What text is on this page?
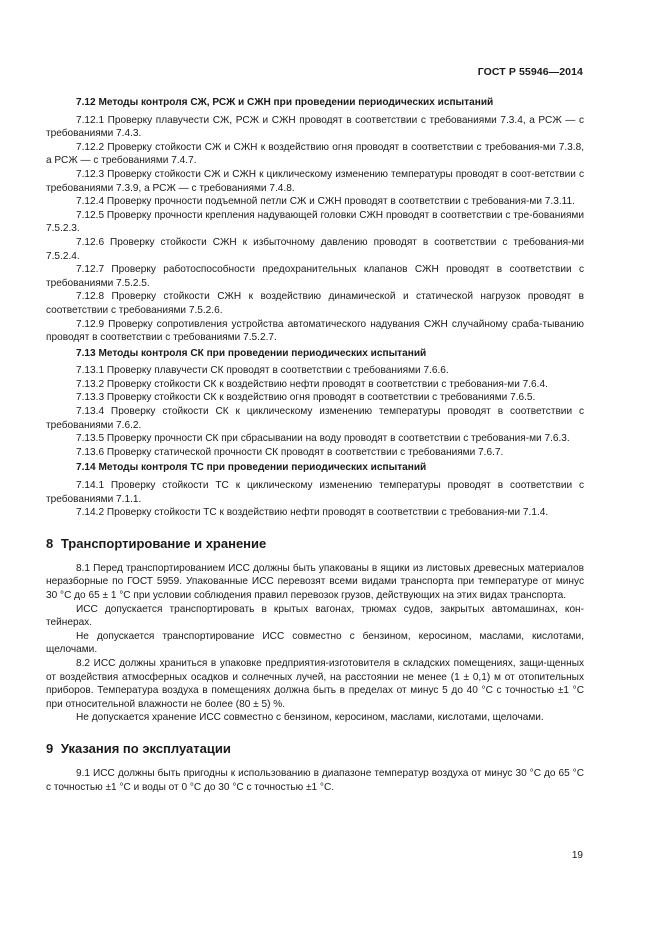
ГОСТ Р 55946—2014
7.12 Методы контроля СЖ, РСЖ и СЖН при проведении периодических испытаний

7.12.1 Проверку плавучести СЖ, РСЖ и СЖН проводят в соответствии с требованиями 7.3.4, а РСЖ — с требованиями 7.4.3.

7.12.2 Проверку стойкости СЖ и СЖН к воздействию огня проводят в соответствии с требования-ми 7.3.8, а РСЖ — с требованиями 7.4.7.

7.12.3 Проверку стойкости СЖ и СЖН к циклическому изменению температуры проводят в соот-ветствии с требованиями 7.3.9, а РСЖ — с требованиями 7.4.8.

7.12.4 Проверку прочности подъемной петли СЖ и СЖН проводят в соответствии с требования-ми 7.3.11.

7.12.5 Проверку прочности крепления надувающей головки СЖН проводят в соответствии с тре-бованиями 7.5.2.3.

7.12.6 Проверку стойкости СЖН к избыточному давлению проводят в соответствии с требования-ми 7.5.2.4.

7.12.7 Проверку работоспособности предохранительных клапанов СЖН проводят в соответствии с требованиями 7.5.2.5.

7.12.8 Проверку стойкости СЖН к воздействию динамической и статической нагрузок проводят в соответствии с требованиями 7.5.2.6.

7.12.9 Проверку сопротивления устройства автоматического надувания СЖН случайному сраба-тыванию проводят в соответствии с требованиями 7.5.2.7.

7.13 Методы контроля СК при проведении периодических испытаний

7.13.1 Проверку плавучести СК проводят в соответствии с требованиями 7.6.6.

7.13.2 Проверку стойкости СК к воздействию нефти проводят в соответствии с требования-ми 7.6.4.

7.13.3 Проверку стойкости СК к воздействию огня проводят в соответствии с требованиями 7.6.5.

7.13.4 Проверку стойкости СК к циклическому изменению температуры проводят в соответствии с требованиями 7.6.2.

7.13.5 Проверку прочности СК при сбрасывании на воду проводят в соответствии с требования-ми 7.6.3.

7.13.6 Проверку статической прочности СК проводят в соответствии с требованиями 7.6.7.

7.14 Методы контроля ТС при проведении периодических испытаний

7.14.1 Проверку стойкости ТС к циклическому изменению температуры проводят в соответствии с требованиями 7.1.1.

7.14.2 Проверку стойкости ТС к воздействию нефти проводят в соответствии с требования-ми 7.1.4.

8 Транспортирование и хранение

8.1 Перед транспортированием ИСС должны быть упакованы в ящики из листовых древесных материалов неразборные по ГОСТ 5959. Упакованные ИСС перевозят всеми видами транспорта при температуре от минус 30 °С до 65 ± 1 °С при условии соблюдения правил перевозок грузов, действующих на этих видах транспорта.

ИСС допускается транспортировать в крытых вагонах, трюмах судов, закрытых автомашинах, кон-тейнерах.

Не допускается транспортирование ИСС совместно с бензином, керосином, маслами, кислотами, щелочами.

8.2 ИСС должны храниться в упаковке предприятия-изготовителя в складских помещениях, защи-щенных от воздействия атмосферных осадков и солнечных лучей, на расстоянии не менее (1 ± 0,1) м от отопительных приборов. Температура воздуха в помещениях должна быть в пределах от минус 5 до 40 °С с точностью ±1 °С при относительной влажности не более (80 ± 5) %.

Не допускается хранение ИСС совместно с бензином, керосином, маслами, кислотами, щелочами.

9 Указания по эксплуатации

9.1 ИСС должны быть пригодны к использованию в диапазоне температур воздуха от минус 30 °С до 65 °С с точностью ±1 °С и воды от 0 °С до 30 °С с точностью ±1 °С.

19
